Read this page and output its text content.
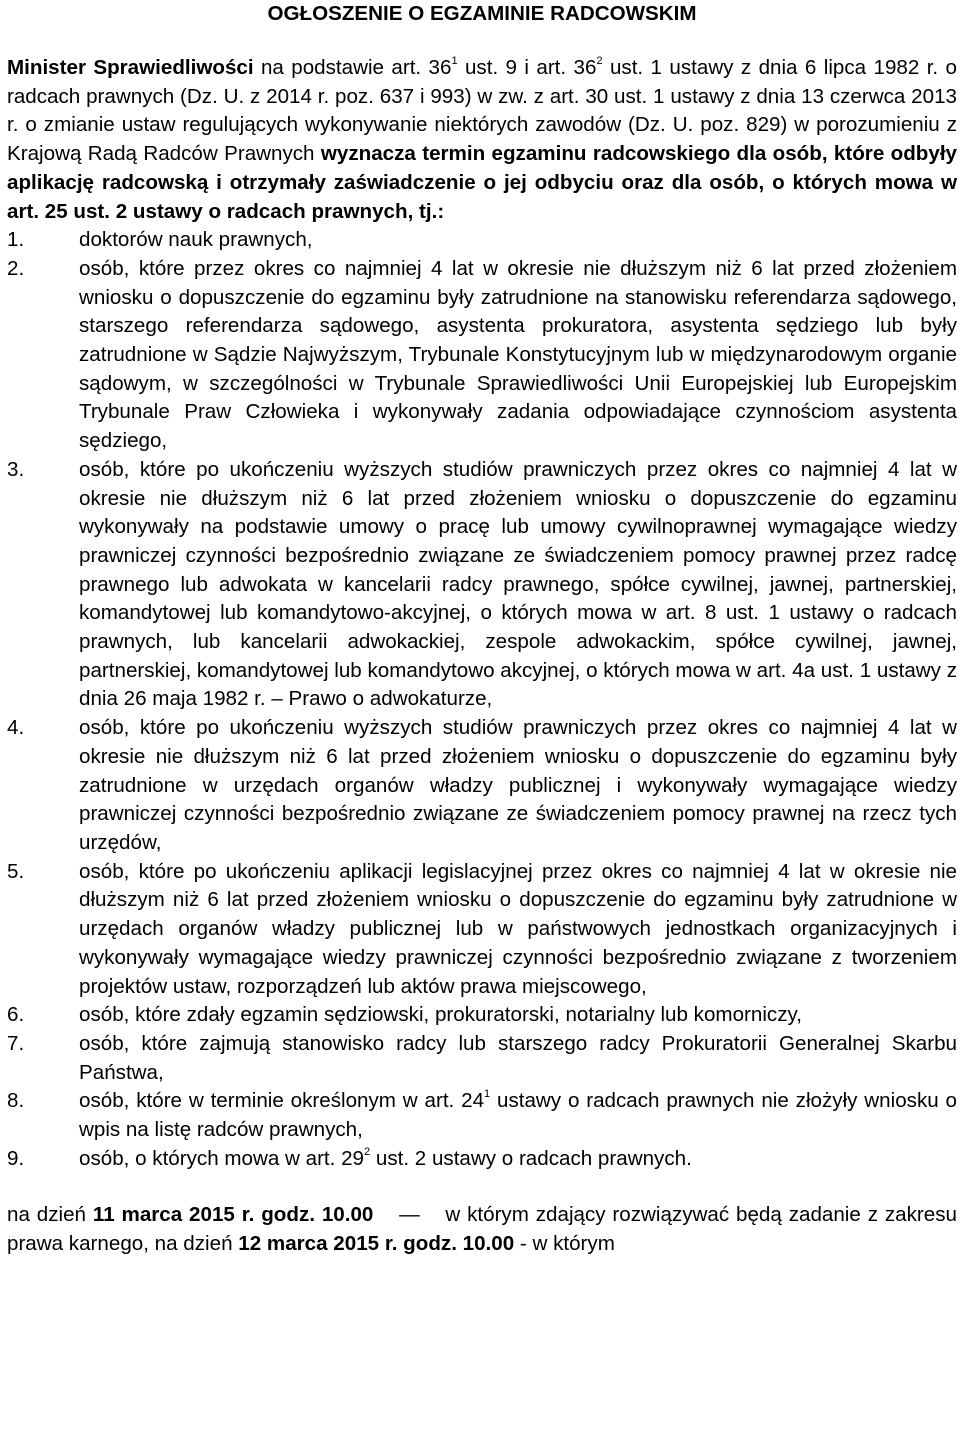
OGŁOSZENIE O EGZAMINIE RADCOWSKIM

Minister Sprawiedliwości na podstawie art. $36^1$ ust. 9 i art. $36^2$ ust. 1 ustawy z dnia 6 lipca 1982 r. o radcach prawnych (Dz. U. z 2014 r. poz. 637 i 993) w zw. z art. 30 ust. 1 ustawy z dnia 13 czerwca 2013 r. o zmianie ustaw regulujących wykonywanie niektórych zawodów (Dz. U. poz. 829) w porozumieniu z Krajową Radą Radców Prawnych wyznacza termin egzaminu radcowskiego dla osób, które odbyły aplikację radcowską i otrzymały zaświadczenie o jej odbyciu oraz dla osób, o których mowa w art. 25 ust. 2 ustawy o radcach prawnych, tj.:

1.	doktorów nauk prawnych,
2.	osób, które przez okres co najmniej 4 lat w okresie nie dłuższym niż 6 lat przed złożeniem wniosku o dopuszczenie do egzaminu były zatrudnione na stanowisku referendarza sądowego, starszego referendarza sądowego, asystenta prokuratora, asystenta sędziego lub były zatrudnione w Sądzie Najwyższym, Trybunale Konstytucyjnym lub w międzynarodowym organie sądowym, w szczególności w Trybunale Sprawiedliwości Unii Europejskiej lub Europejskim Trybunale Praw Człowieka i wykonywały zadania odpowiadające czynnościom asystenta sędziego,
3.	osób, które po ukończeniu wyższych studiów prawniczych przez okres co najmniej 4 lat w okresie nie dłuższym niż 6 lat przed złożeniem wniosku o dopuszczenie do egzaminu wykonywały na podstawie umowy o pracę lub umowy cywilnoprawnej wymagające wiedzy prawniczej czynności bezpośrednio związane ze świadczeniem pomocy prawnej przez radcę prawnego lub adwokata w kancelarii radcy prawnego, spółce cywilnej, jawnej, partnerskiej, komandytowej lub komandytowo-akcyjnej, o których mowa w art. 8 ust. 1 ustawy o radcach prawnych, lub kancelarii adwokackiej, zespole adwokackim, spółce cywilnej, jawnej, partnerskiej, komandytowej lub komandytowo akcyjnej, o których mowa w art. 4a ust. 1 ustawy z dnia 26 maja 1982 r. – Prawo o adwokaturze,
4.	osób, które po ukończeniu wyższych studiów prawniczych przez okres co najmniej 4 lat w okresie nie dłuższym niż 6 lat przed złożeniem wniosku o dopuszczenie do egzaminu były zatrudnione w urzędach organów władzy publicznej i wykonywały wymagające wiedzy prawniczej czynności bezpośrednio związane ze świadczeniem pomocy prawnej na rzecz tych urzędów,
5.	osób, które po ukończeniu aplikacji legislacyjnej przez okres co najmniej 4 lat w okresie nie dłuższym niż 6 lat przed złożeniem wniosku o dopuszczenie do egzaminu były zatrudnione w urzędach organów władzy publicznej lub w państwowych jednostkach organizacyjnych i wykonywały wymagające wiedzy prawniczej czynności bezpośrednio związane z tworzeniem projektów ustaw, rozporządzeń lub aktów prawa miejscowego,
6.	osób, które zdały egzamin sędziowski, prokuratorski, notarialny lub komorniczy,
7.	osób, które zajmują stanowisko radcy lub starszego radcy Prokuratorii Generalnej Skarbu Państwa,
8.	osób, które w terminie określonym w art. $24^1$ ustawy o radcach prawnych nie złożyły wniosku o wpis na listę radców prawnych,
9.	osób, o których mowa w art. $29^2$ ust. 2 ustawy o radcach prawnych.

na dzień 11 marca 2015 r. godz. 10.00 — w którym zdający rozwiązywać będą zadanie z zakresu prawa karnego, na dzień 12 marca 2015 r. godz. 10.00 - w którym
